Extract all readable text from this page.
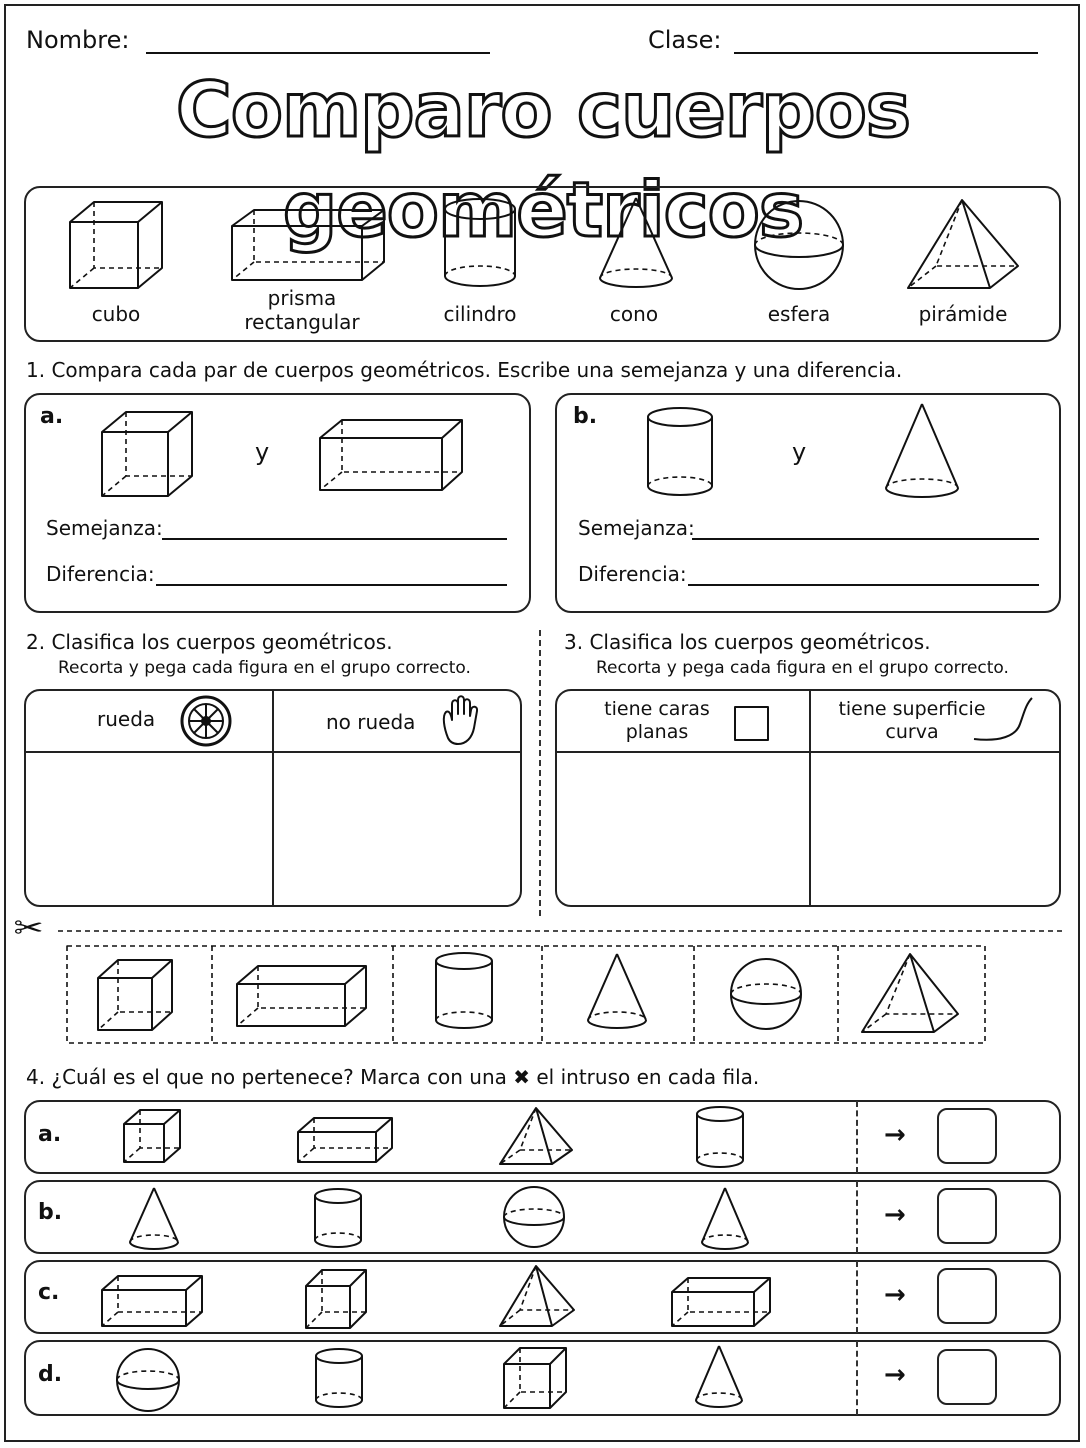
Nombre:	Clase:
Comparo cuerpos geométricos
cubo
prisma
rectangular	cilindro	cono	esfera	pirámide
1. Compara cada par de cuerpos geométricos. Escribe una semejanza y una diferencia.
a.
y
b.
y
Semejanza:
Diferencia:
Semejanza:
Diferencia:
2. Clasifica los cuerpos geométricos.
Recorta y pega cada figura en el grupo correcto.
3. Clasifica los cuerpos geométricos.
Recorta y pega cada figura en el grupo correcto.
rueda	no rueda
tiene caras
planas
tiene superficie
curva
✂
4. ¿Cuál es el que no pertenece? Marca con una ✖ el intruso en cada fila.
a.
b.
c.
d.
→
→
→
→
